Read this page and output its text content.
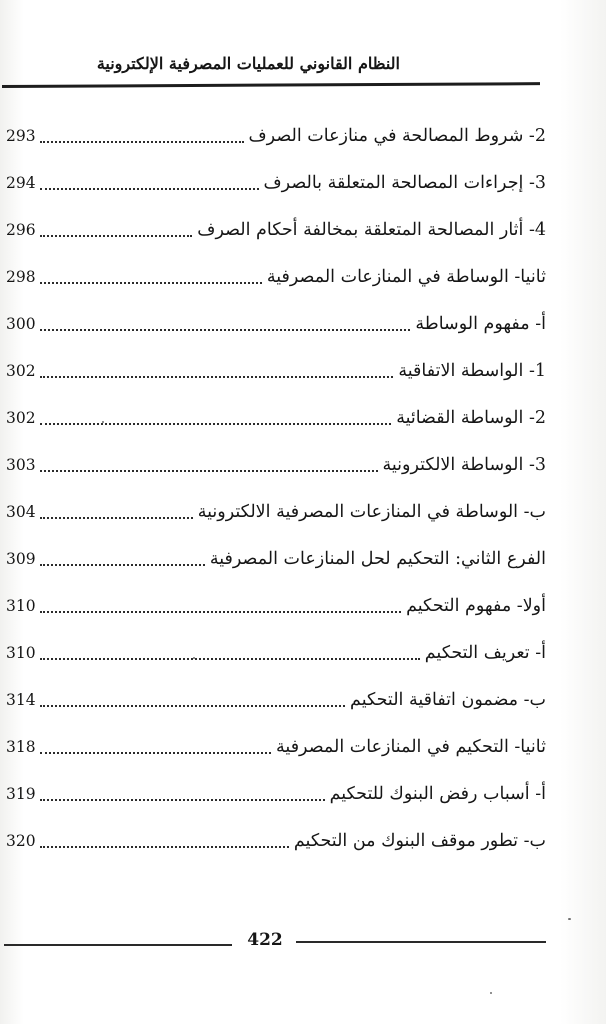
النظام القانوني للعمليات المصرفية الإلكترونية
2- شروط المصالحة في منازعات الصرف
293
3- إجراءات المصالحة المتعلقة بالصرف
294
4- أثار المصالحة المتعلقة بمخالفة أحكام الصرف
296
ثانيا- الوساطة في المنازعات المصرفية
298
أ- مفهوم الوساطة
300
1- الواسطة الاتفاقية
302
2- الوساطة القضائية
302
3- الوساطة الالكترونية
303
ب- الوساطة في المنازعات المصرفية الالكترونية
304
الفرع الثاني: التحكيم لحل المنازعات المصرفية
309
أولا- مفهوم التحكيم
310
أ- تعريف التحكيم
310
ب- مضمون اتفاقية التحكيم
314
ثانيا- التحكيم في المنازعات المصرفية
318
أ- أسباب رفض البنوك للتحكيم
319
ب- تطور موقف البنوك من التحكيم
320
422
